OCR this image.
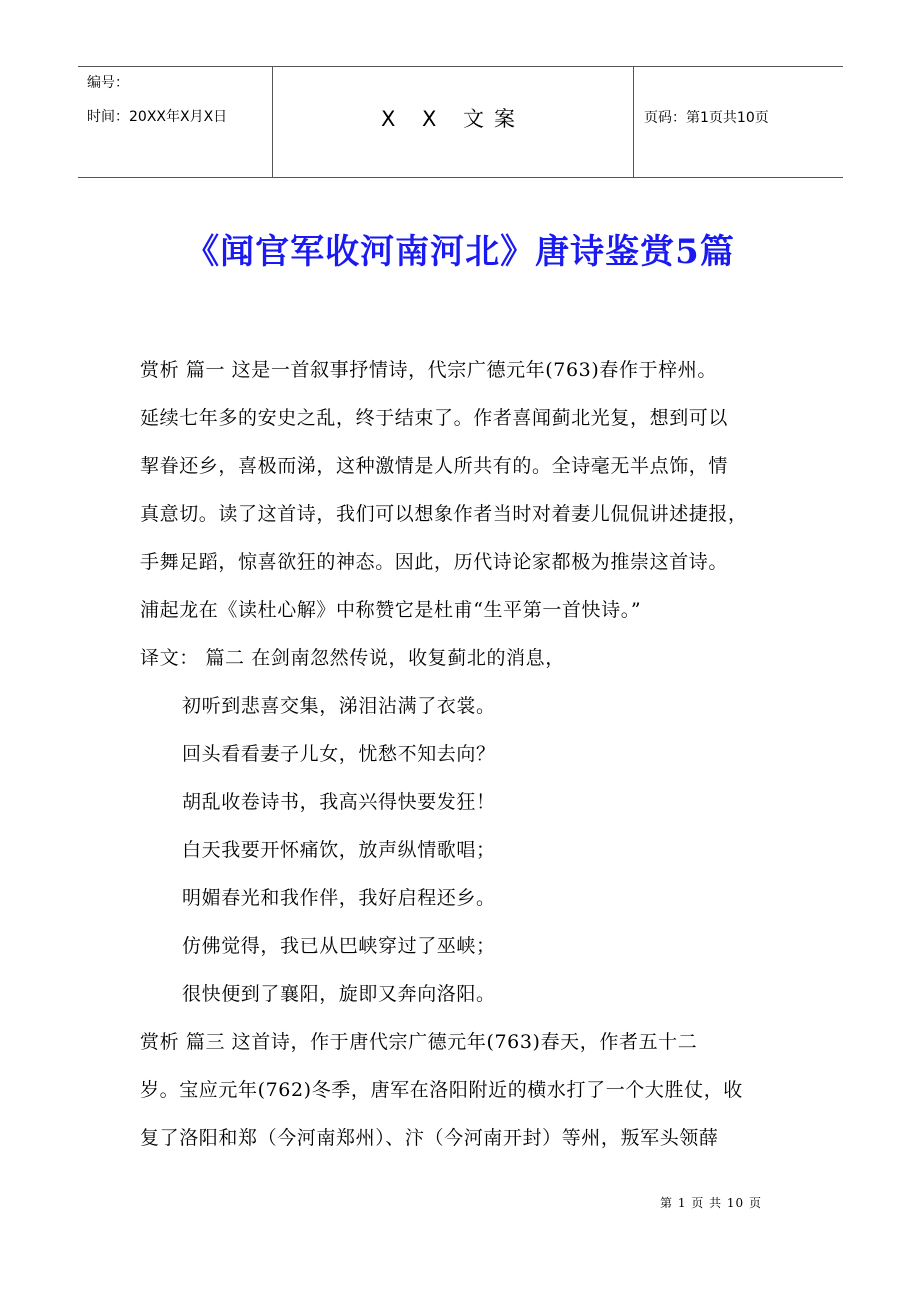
编号：
时间：20XX年X月X日	X X 文案	页码：第1页共10页
《闻官军收河南河北》唐诗鉴赏5篇
赏析 篇一 这是一首叙事抒情诗，代宗广德元年(763)春作于梓州。
延续七年多的安史之乱，终于结束了。作者喜闻蓟北光复，想到可以
挈眷还乡，喜极而涕，这种激情是人所共有的。全诗毫无半点饰，情
真意切。读了这首诗，我们可以想象作者当时对着妻儿侃侃讲述捷报，
手舞足蹈，惊喜欲狂的神态。因此，历代诗论家都极为推崇这首诗。
浦起龙在《读杜心解》中称赞它是杜甫“生平第一首快诗。”
译文： 篇二 在剑南忽然传说，收复蓟北的消息，
初听到悲喜交集，涕泪沾满了衣裳。
回头看看妻子儿女，忧愁不知去向？
胡乱收卷诗书，我高兴得快要发狂！
白天我要开怀痛饮，放声纵情歌唱；
明媚春光和我作伴，我好启程还乡。
仿佛觉得，我已从巴峡穿过了巫峡；
很快便到了襄阳，旋即又奔向洛阳。
赏析 篇三 这首诗，作于唐代宗广德元年(763)春天，作者五十二
岁。宝应元年(762)冬季，唐军在洛阳附近的横水打了一个大胜仗，收
复了洛阳和郑（今河南郑州）、汴（今河南开封）等州，叛军头领薛
第 1 页 共 10 页
